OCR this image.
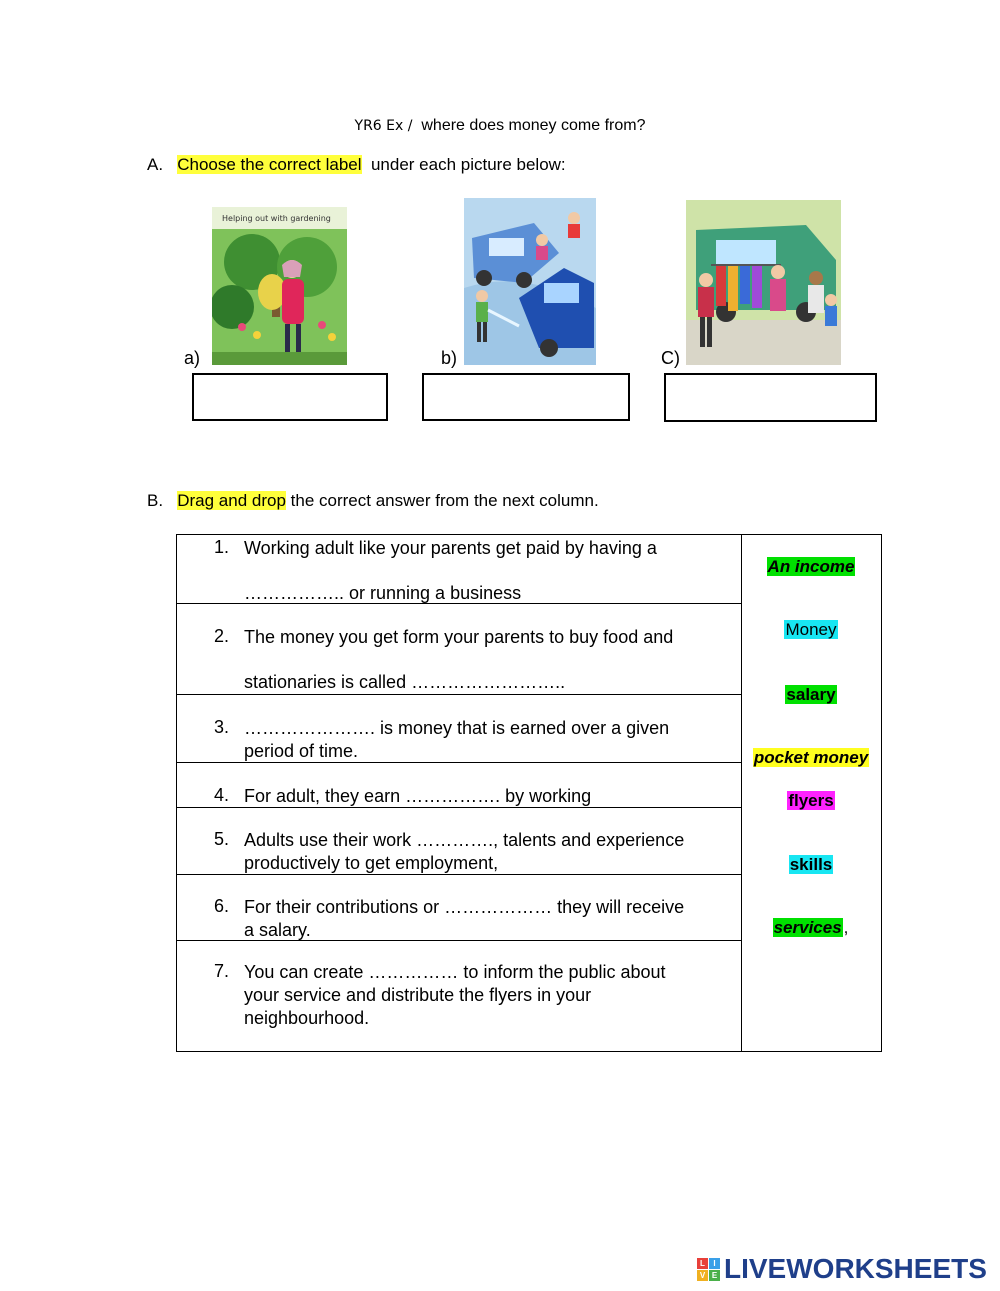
YR6 Ex / where does money come from?
A. Choose the correct label under each picture below:
Helping out with gardening
a)	b)	C)
B. Drag and drop the correct answer from the next column.
1. Working adult like your parents get paid by having a
…………….. or running a business

An income
Money
salary
pocket money
flyers
skills
services ,

2. The money you get form your parents to buy food and
stationaries is called ……………………..

3. …………………. is money that is earned over a given
period of time.

4. For adult, they earn ……………. by working

5. Adults use their work …………., talents and experience
productively to get employment,

6. For their contributions or ……………… they will receive
a salary.

7. You can create …………… to inform the public about
your service and distribute the flyers in your
neighbourhood.
L	I
V E LIVEWORKSHEETS
